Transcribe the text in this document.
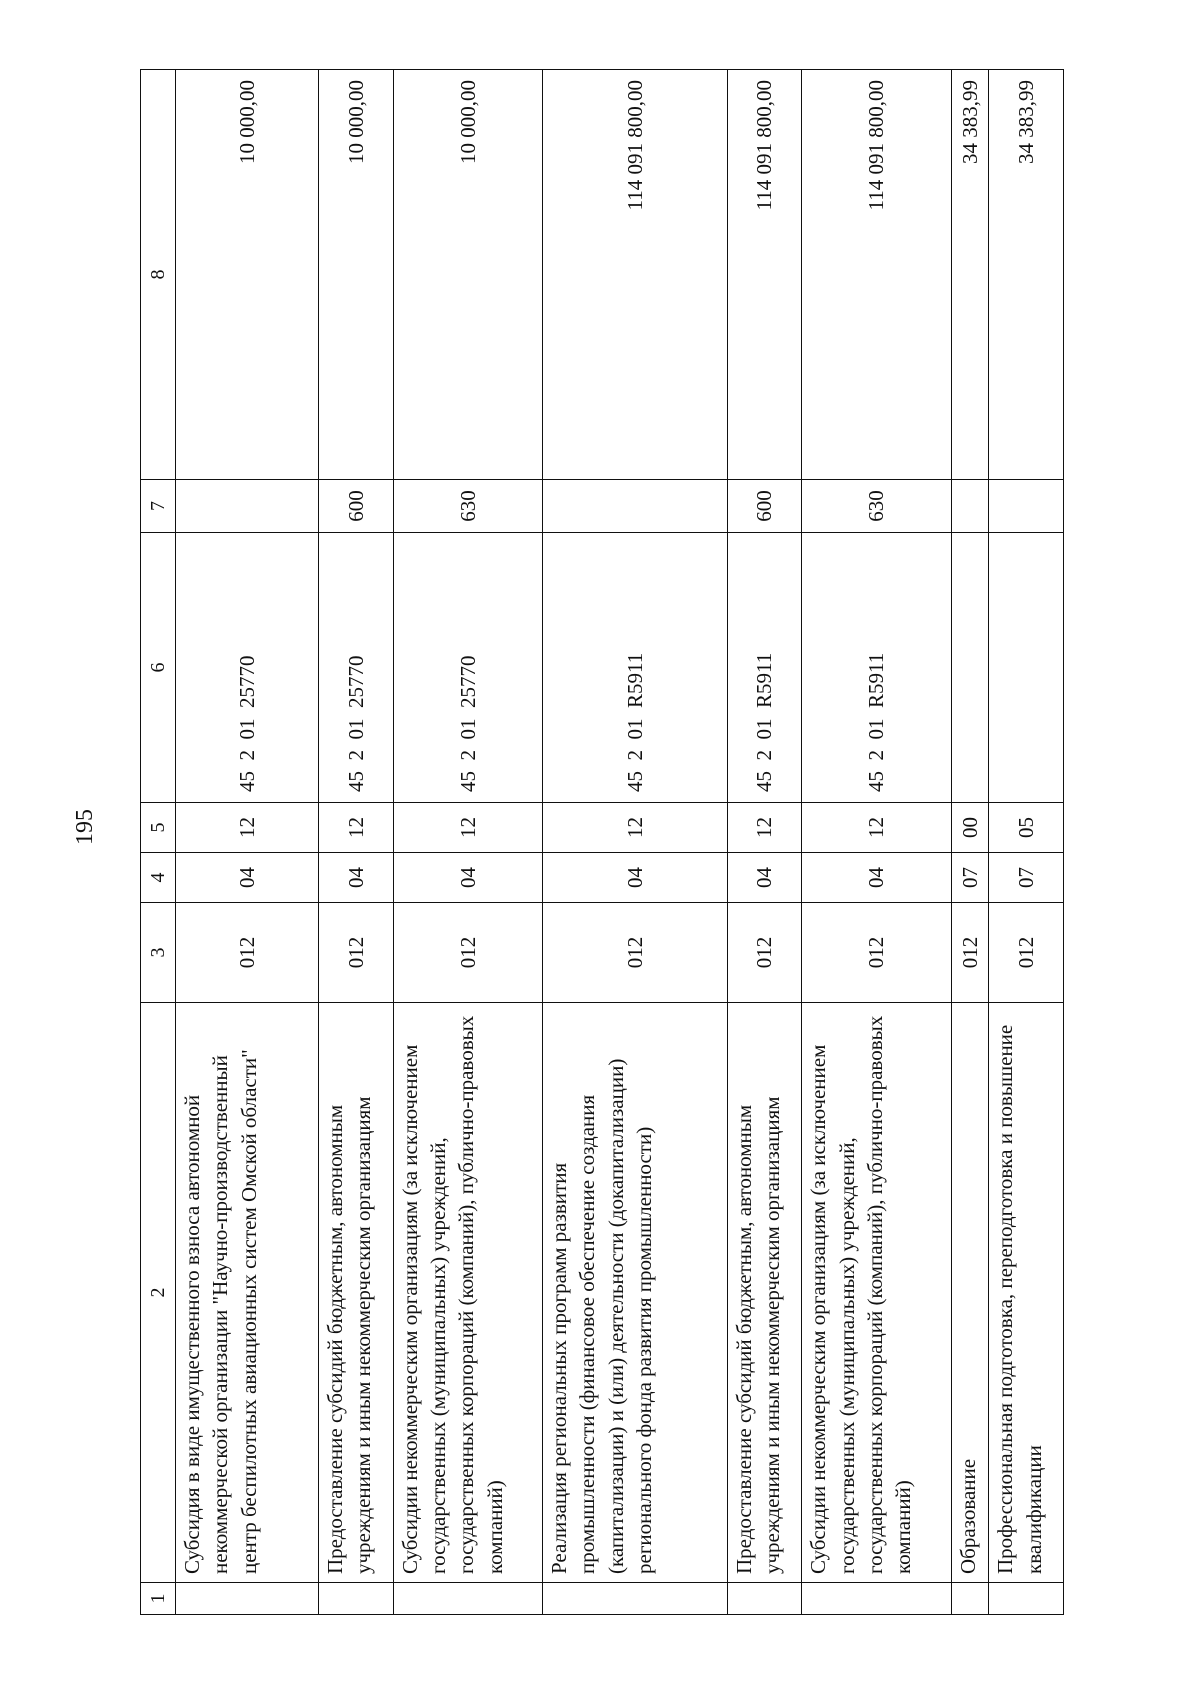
195
1	2	3	4	5	6	7	8
	Субсидия в виде имущественного взноса автономной некоммерческой организации "Научно-производственный центр беспилотных авиационных систем Омской области"	012	04	12	45  2  01  25770		10 000,00
	Предоставление субсидий бюджетным, автономным учреждениям и иным некоммерческим организациям	012	04	12	45  2  01  25770	600	10 000,00
	Субсидии некоммерческим организациям (за исключением государственных (муниципальных) учреждений, государственных корпораций (компаний), публично-правовых компаний)	012	04	12	45  2  01  25770	630	10 000,00
	Реализация региональных программ развития промышленности (финансовое обеспечение создания (капитализации) и (или) деятельности (докапитализации) регионального фонда развития промышленности)	012	04	12	45  2  01  R5911		114 091 800,00
	Предоставление субсидий бюджетным, автономным учреждениям и иным некоммерческим организациям	012	04	12	45  2  01  R5911	600	114 091 800,00
	Субсидии некоммерческим организациям (за исключением государственных (муниципальных) учреждений, государственных корпораций (компаний), публично-правовых компаний)	012	04	12	45  2  01  R5911	630	114 091 800,00
	Образование	012	07	00			34 383,99
	Профессиональная подготовка, переподготовка и повышение квалификации	012	07	05			34 383,99
